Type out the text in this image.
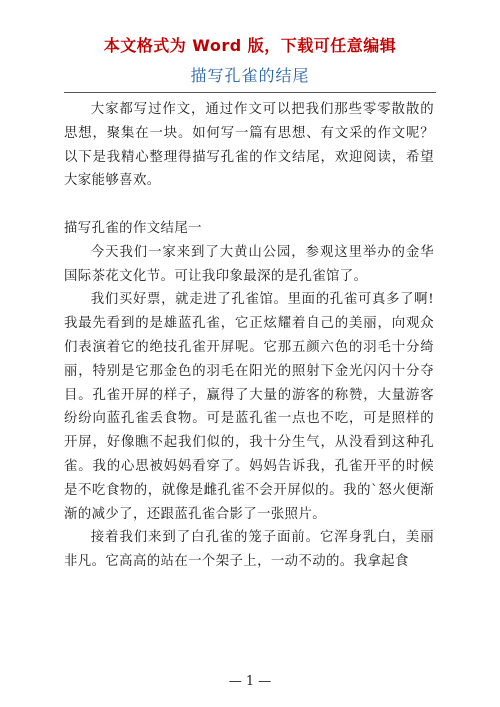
本文格式为 Word 版，下载可任意编辑
描写孔雀的结尾

大家都写过作文，通过作文可以把我们那些零零散散的思想，聚集在一块。如何写一篇有思想、有文采的作文呢？以下是我精心整理得描写孔雀的作文结尾，欢迎阅读，希望大家能够喜欢。

描写孔雀的作文结尾一

今天我们一家来到了大黄山公园，参观这里举办的金华国际茶花文化节。可让我印象最深的是孔雀馆了。

我们买好票，就走进了孔雀馆。里面的孔雀可真多了啊!我最先看到的是雄蓝孔雀，它正炫耀着自己的美丽，向观众们表演着它的绝技孔雀开屏呢。它那五颜六色的羽毛十分绮丽，特别是它那金色的羽毛在阳光的照射下金光闪闪十分夺目。孔雀开屏的样子，赢得了大量的游客的称赞，大量游客纷纷向蓝孔雀丢食物。可是蓝孔雀一点也不吃，可是照样的开屏，好像瞧不起我们似的，我十分生气，从没看到这种孔雀。我的心思被妈妈看穿了。妈妈告诉我，孔雀开平的时候是不吃食物的，就像是雌孔雀不会开屏似的。我的`怒火便渐渐的减少了，还跟蓝孔雀合影了一张照片。

接着我们来到了白孔雀的笼子面前。它浑身乳白，美丽非凡。它高高的站在一个架子上，一动不动的。我拿起食

— 1 —
